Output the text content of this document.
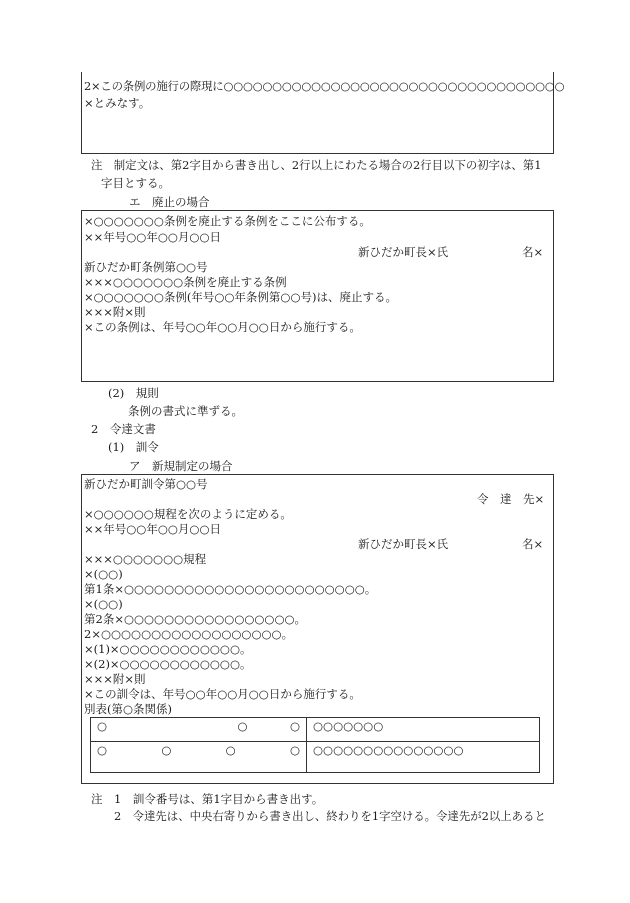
2×この条例の施行の際現に○○○○○○○○○○○○○○○○○○○○○○○○○○○○○○○○○○○
×とみなす。
注　制定文は、第2字目から書き出し、2行以上にわたる場合の2行目以下の初字は、第1
字目とする。
エ　廃止の場合
×○○○○○○○条例を廃止する条例をここに公布する。
××年号○○年○○月○○日
新ひだか町長×氏	名×
新ひだか町条例第○○号
×××○○○○○○○条例を廃止する条例
×○○○○○○○条例(年号○○年条例第○○号)は、廃止する。
×××附×則
×この条例は、年号○○年○○月○○日から施行する。
(2)　規則
条例の書式に準ずる。
2　令達文書
(1)　訓令
ア　新規制定の場合
新ひだか町訓令第○○号
令　達　先×
×○○○○○○規程を次のように定める。
××年号○○年○○月○○日
新ひだか町長×氏	名×
×××○○○○○○○規程
×(○○)
第1条×○○○○○○○○○○○○○○○○○○○○○○○○。
×(○○)
第2条×○○○○○○○○○○○○○○○○○。
2×○○○○○○○○○○○○○○○○○○。
×(1)×○○○○○○○○○○○○。
×(2)×○○○○○○○○○○○○。
×××附×則
×この訓令は、年号○○年○○月○○日から施行する。
別表(第○条関係)
○ ○ ○	○○○○○○○

○ ○ ○ ○	○○○○○○○○○○○○○○○
注　1　訓令番号は、第1字目から書き出す。
2　令達先は、中央右寄りから書き出し、終わりを1字空ける。令達先が2以上あると
